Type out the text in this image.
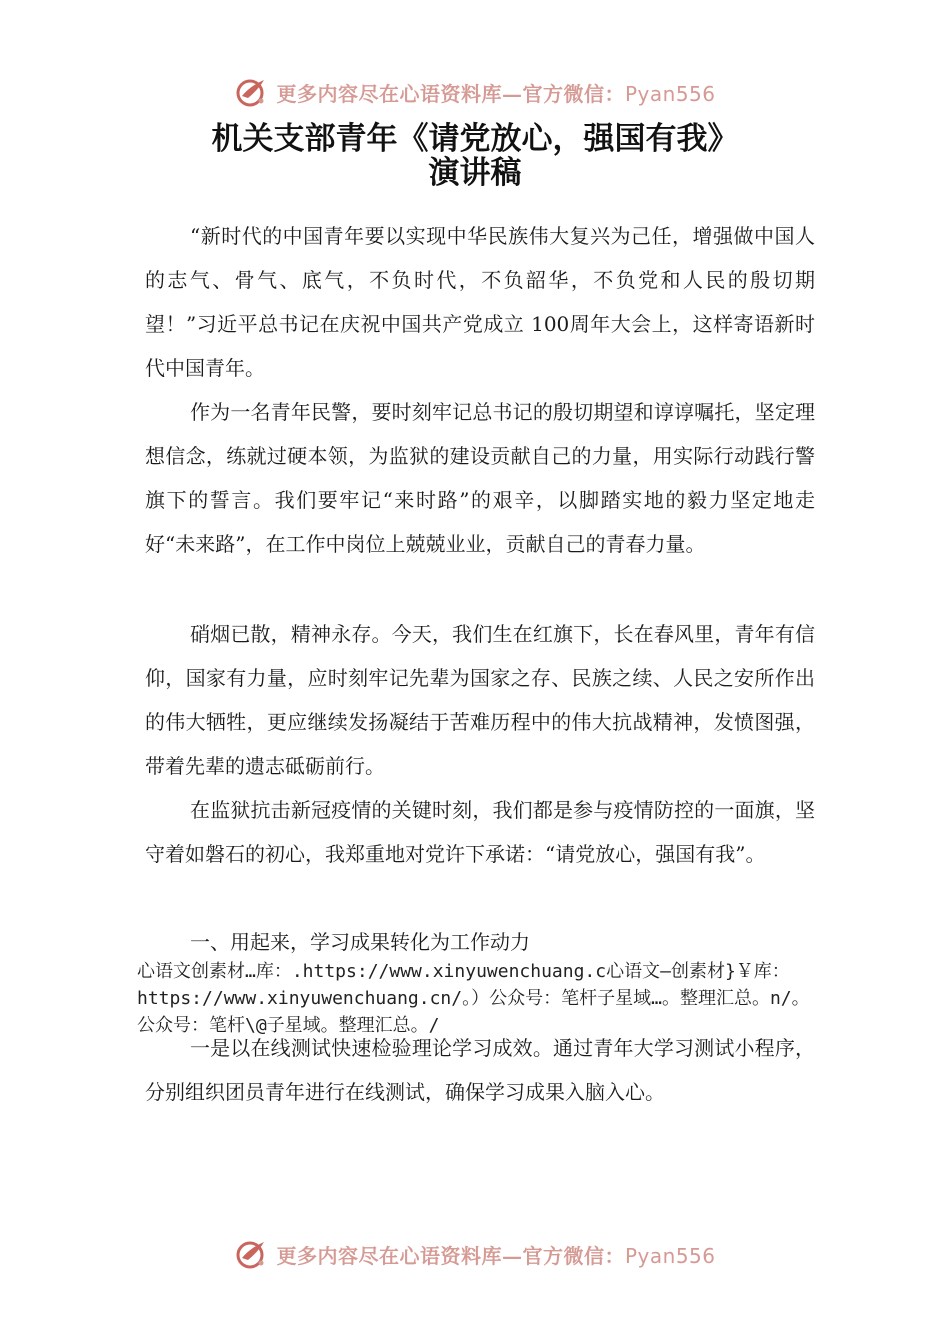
更多内容尽在心语资料库—官方微信：Pyan556
机关支部青年《请党放心，强国有我》
演讲稿

“新时代的中国青年要以实现中华民族伟大复兴为己任，增强做中国人的志气、骨气、底气，不负时代，不负韶华，不负党和人民的殷切期望！”习近平总书记在庆祝中国共产党成立 100周年大会上，这样寄语新时代中国青年。

作为一名青年民警，要时刻牢记总书记的殷切期望和谆谆嘱托，坚定理想信念，练就过硬本领，为监狱的建设贡献自己的力量，用实际行动践行警旗下的誓言。我们要牢记“来时路”的艰辛，以脚踏实地的毅力坚定地走好“未来路”，在工作中岗位上兢兢业业，贡献自己的青春力量。

硝烟已散，精神永存。今天，我们生在红旗下，长在春风里，青年有信仰，国家有力量，应时刻牢记先辈为国家之存、民族之续、人民之安所作出的伟大牺牲，更应继续发扬凝结于苦难历程中的伟大抗战精神，发愤图强，带着先辈的遗志砥砺前行。

在监狱抗击新冠疫情的关键时刻，我们都是参与疫情防控的一面旗，坚守着如磐石的初心，我郑重地对党许下承诺：“请党放心，强国有我”。

一、用起来，学习成果转化为工作动力

心语文创素材…库：.https://www.xinyuwenchuang.c心语文—创素材}￥库：https://www.xinyuwenchuang.cn/。）公众号：笔杆子星域…。整理汇总。n/。公众号：笔杆\@子星域。整理汇总。/

一是以在线测试快速检验理论学习成效。通过青年大学习测试小程序，分别组织团员青年进行在线测试，确保学习成果入脑入心。

更多内容尽在心语资料库—官方微信：Pyan556
